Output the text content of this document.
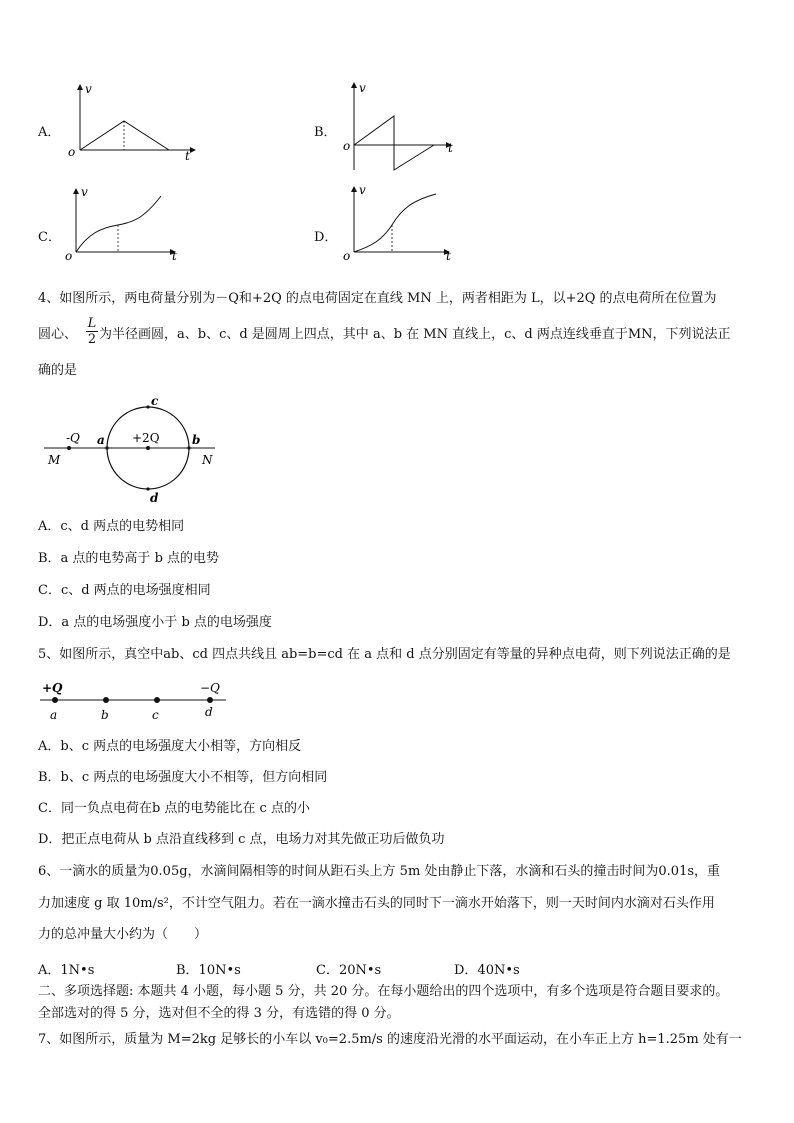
A．
v
o	t
B．
v
o	t
C．
v
o	t
D．
v
o	t
4、如图所示，两电荷量分别为－Q和+2Q 的点电荷固定在直线 MN 上，两者相距为 L，以+2Q 的点电荷所在位置为
圆心、 $\frac{L}{2}$ 为半径画圆，a、b、c、d 是圆周上四点，其中 a、b 在 MN 直线上，c、d 两点连线垂直于MN，下列说法正
确的是
-Q	+2Q
a	b
c
d
M	N
A．c、d 两点的电势相同
B．a 点的电势高于 b 点的电势
C．c、d 两点的电场强度相同
D．a 点的电场强度小于 b 点的电场强度
5、如图所示，真空中ab、cd 四点共线且 ab=b=cd 在 a 点和 d 点分别固定有等量的异种点电荷，则下列说法正确的是
+Q	−Q
a	b	c	d
A．b、c 两点的电场强度大小相等，方向相反
B．b、c 两点的电场强度大小不相等，但方向相同
C．同一负点电荷在b 点的电势能比在 c 点的小
D．把正点电荷从 b 点沿直线移到 c 点，电场力对其先做正功后做负功
6、一滴水的质量为0.05g，水滴间隔相等的时间从距石头上方 5m 处由静止下落，水滴和石头的撞击时间为0.01s，重
力加速度 g 取 10m/s²，不计空气阻力。若在一滴水撞击石头的同时下一滴水开始落下，则一天时间内水滴对石头作用
力的总冲量大小约为（　　）
A．1N•s	B．10N•s	C．20N•s	D．40N•s
二、多项选择题: 本题共 4 小题，每小题 5 分，共 20 分。在每小题给出的四个选项中，有多个选项是符合题目要求的。
全部选对的得 5 分，选对但不全的得 3 分，有选错的得 0 分。
7、如图所示，质量为 M=2kg 足够长的小车以 v₀=2.5m/s 的速度沿光滑的水平面运动，在小车正上方 h=1.25m 处有一
